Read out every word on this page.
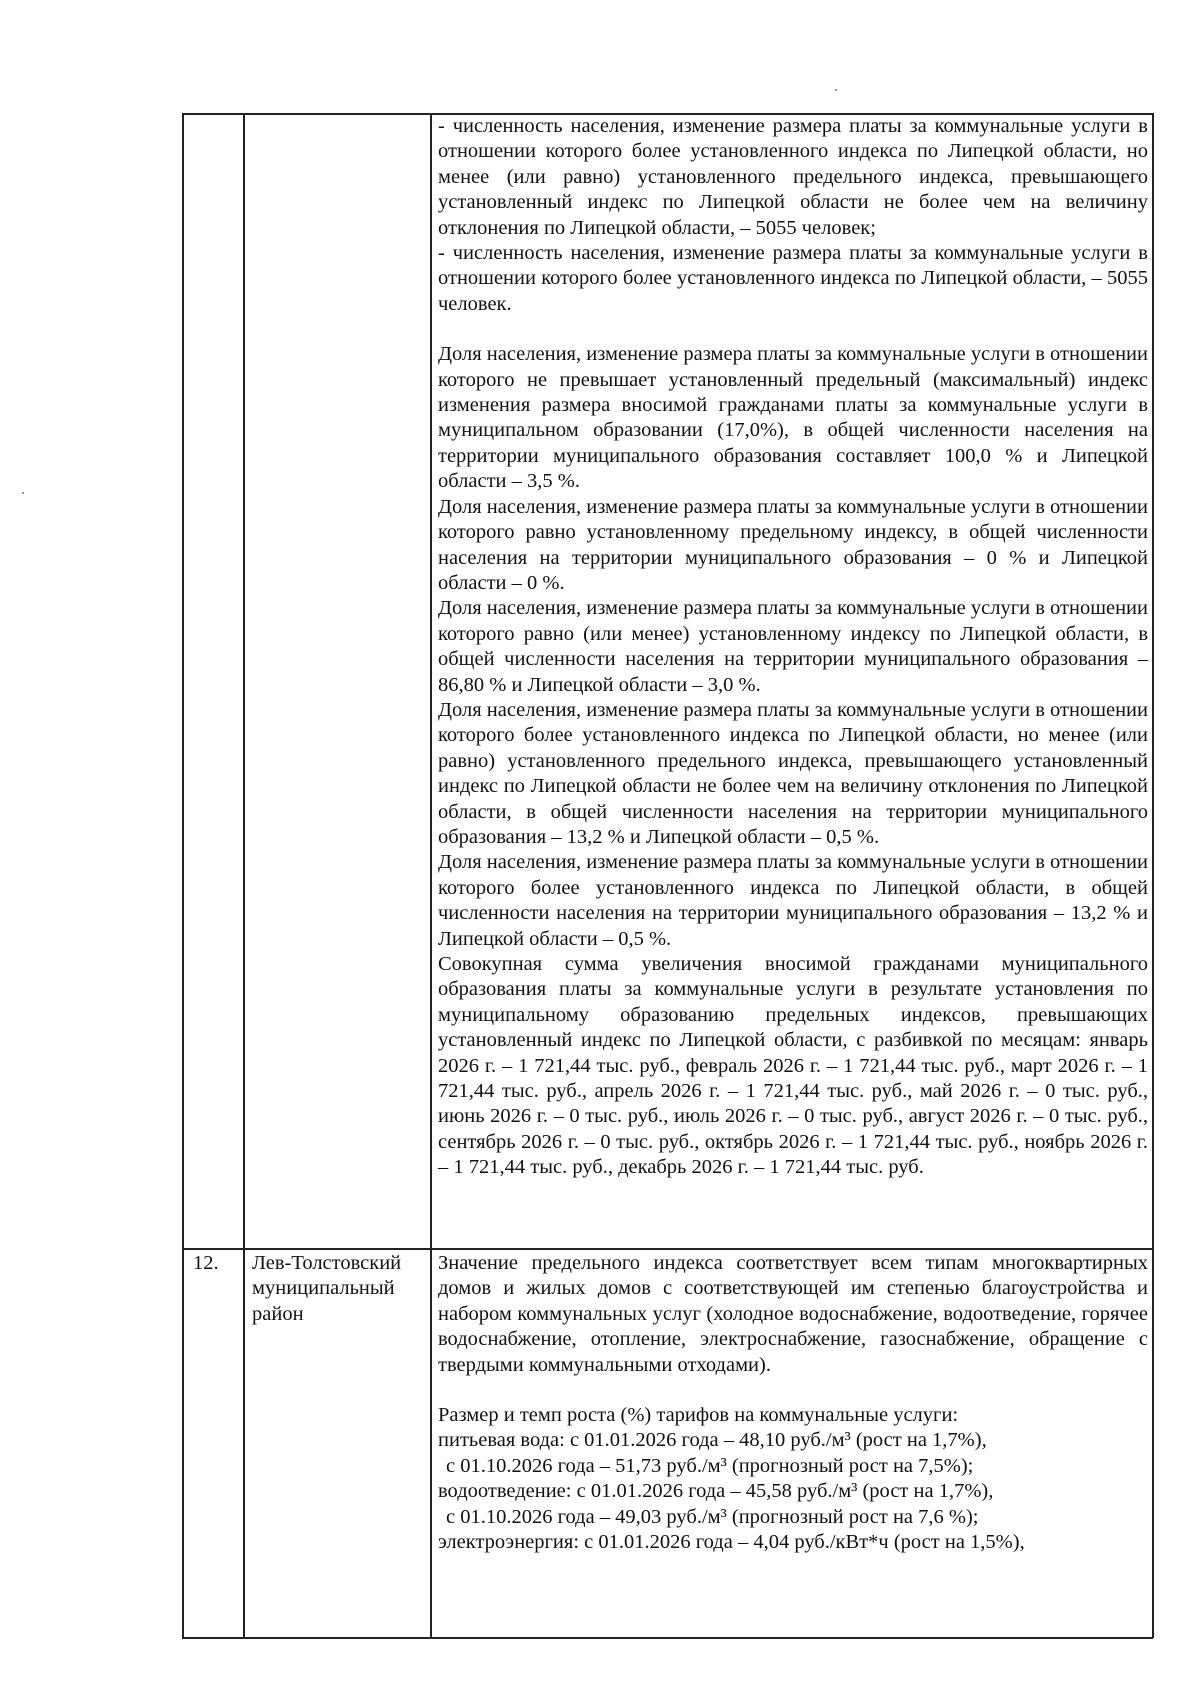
- численность населения, изменение размера платы за коммунальные услуги в отношении которого более установленного индекса по Липецкой области, но менее (или равно) установленного предельного индекса, превышающего установленный индекс по Липецкой области не более чем на величину отклонения по Липецкой области, – 5055 человек;

- численность населения, изменение размера платы за коммунальные услуги в отношении которого более установленного индекса по Липецкой области, – 5055 человек.

Доля населения, изменение размера платы за коммунальные услуги в отношении которого не превышает установленный предельный (максимальный) индекс изменения размера вносимой гражданами платы за коммунальные услуги в муниципальном образовании (17,0%), в общей численности населения на территории муниципального образования составляет 100,0 % и Липецкой области – 3,5 %.

Доля населения, изменение размера платы за коммунальные услуги в отношении которого равно установленному предельному индексу, в общей численности населения на территории муниципального образования – 0 % и Липецкой области – 0 %.

Доля населения, изменение размера платы за коммунальные услуги в отношении которого равно (или менее) установленному индексу по Липецкой области, в общей численности населения на территории муниципального образования – 86,80 % и Липецкой области – 3,0 %.

Доля населения, изменение размера платы за коммунальные услуги в отношении которого более установленного индекса по Липецкой области, но менее (или равно) установленного предельного индекса, превышающего установленный индекс по Липецкой области не более чем на величину отклонения по Липецкой области, в общей численности населения на территории муниципального образования – 13,2 % и Липецкой области – 0,5 %.

Доля населения, изменение размера платы за коммунальные услуги в отношении которого более установленного индекса по Липецкой области, в общей численности населения на территории муниципального образования – 13,2 % и Липецкой области – 0,5 %.

Совокупная сумма увеличения вносимой гражданами муниципального образования платы за коммунальные услуги в результате установления по муниципальному образованию предельных индексов, превышающих установленный индекс по Липецкой области, с разбивкой по месяцам: январь 2026 г. – 1 721,44 тыс. руб., февраль 2026 г. – 1 721,44 тыс. руб., март 2026 г. – 1 721,44 тыс. руб., апрель 2026 г. – 1 721,44 тыс. руб., май 2026 г. – 0 тыс. руб., июнь 2026 г. – 0 тыс. руб., июль 2026 г. – 0 тыс. руб., август 2026 г. – 0 тыс. руб., сентябрь 2026 г. – 0 тыс. руб., октябрь 2026 г. – 1 721,44 тыс. руб., ноябрь 2026 г. – 1 721,44 тыс. руб., декабрь 2026 г. – 1 721,44 тыс. руб.

12.	Лев-Толстовский муниципальный район

Значение предельного индекса соответствует всем типам многоквартирных домов и жилых домов с соответствующей им степенью благоустройства и набором коммунальных услуг (холодное водоснабжение, водоотведение, горячее водоснабжение, отопление, электроснабжение, газоснабжение, обращение с твердыми коммунальными отходами).

Размер и темп роста (%) тарифов на коммунальные услуги:

питьевая вода: с 01.01.2026 года – 48,10 руб./м³ (рост на 1,7%),

с 01.10.2026 года – 51,73 руб./м³ (прогнозный рост на 7,5%);

водоотведение: с 01.01.2026 года – 45,58 руб./м³ (рост на 1,7%),

с 01.10.2026 года – 49,03 руб./м³ (прогнозный рост на 7,6 %);

электроэнергия: с 01.01.2026 года – 4,04 руб./кВт*ч (рост на 1,5%),
